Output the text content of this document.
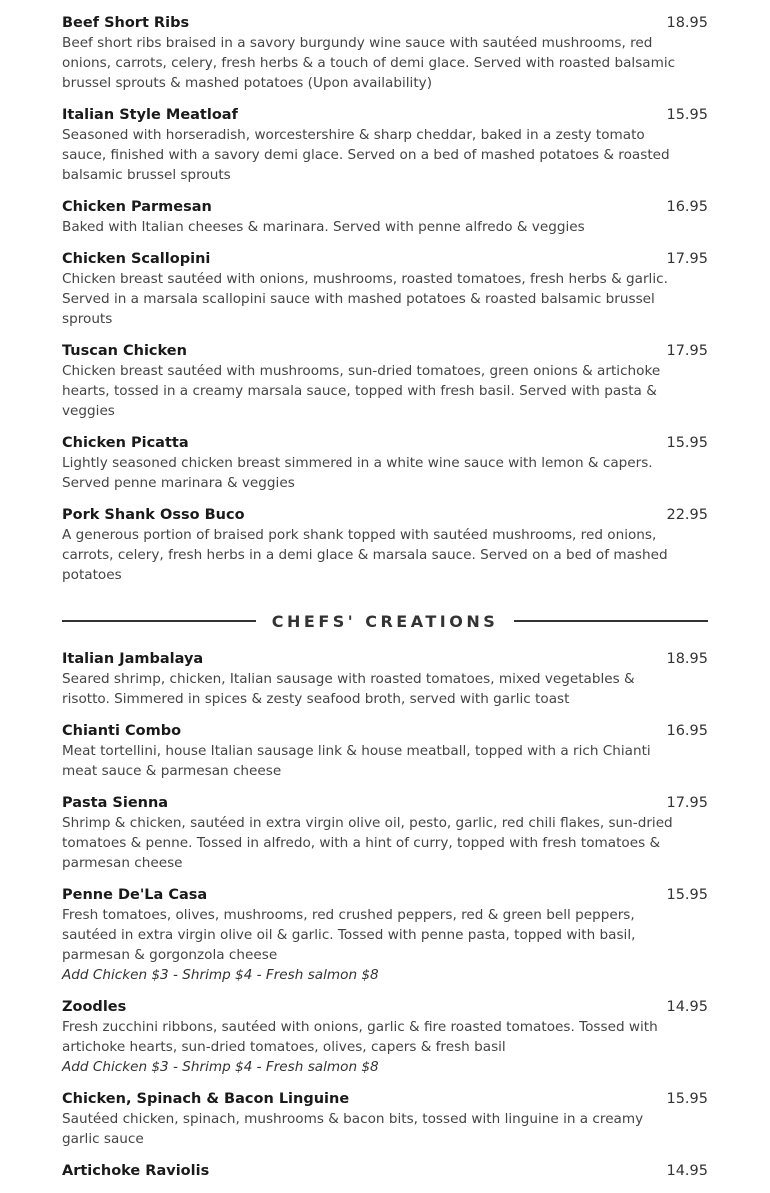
Beef Short Ribs	18.95
Beef short ribs braised in a savory burgundy wine sauce with sautéed mushrooms, red onions, carrots, celery, fresh herbs & a touch of demi glace. Served with roasted balsamic brussel sprouts & mashed potatoes (Upon availability)
Italian Style Meatloaf	15.95
Seasoned with horseradish, worcestershire & sharp cheddar, baked in a zesty tomato sauce, finished with a savory demi glace. Served on a bed of mashed potatoes & roasted balsamic brussel sprouts
Chicken Parmesan	16.95
Baked with Italian cheeses & marinara. Served with penne alfredo & veggies
Chicken Scallopini	17.95
Chicken breast sautéed with onions, mushrooms, roasted tomatoes, fresh herbs & garlic. Served in a marsala scallopini sauce with mashed potatoes & roasted balsamic brussel sprouts
Tuscan Chicken	17.95
Chicken breast sautéed with mushrooms, sun-dried tomatoes, green onions & artichoke hearts, tossed in a creamy marsala sauce, topped with fresh basil. Served with pasta & veggies
Chicken Picatta	15.95
Lightly seasoned chicken breast simmered in a white wine sauce with lemon & capers. Served penne marinara & veggies
Pork Shank Osso Buco	22.95
A generous portion of braised pork shank topped with sautéed mushrooms, red onions, carrots, celery, fresh herbs in a demi glace & marsala sauce. Served on a bed of mashed potatoes
CHEFS' CREATIONS
Italian Jambalaya	18.95
Seared shrimp, chicken, Italian sausage with roasted tomatoes, mixed vegetables & risotto. Simmered in spices & zesty seafood broth, served with garlic toast
Chianti Combo	16.95
Meat tortellini, house Italian sausage link & house meatball, topped with a rich Chianti meat sauce & parmesan cheese
Pasta Sienna	17.95
Shrimp & chicken, sautéed in extra virgin olive oil, pesto, garlic, red chili flakes, sun-dried tomatoes & penne. Tossed in alfredo, with a hint of curry, topped with fresh tomatoes & parmesan cheese
Penne De'La Casa	15.95
Fresh tomatoes, olives, mushrooms, red crushed peppers, red & green bell peppers, sautéed in extra virgin olive oil & garlic. Tossed with penne pasta, topped with basil, parmesan & gorgonzola cheese
Add Chicken $3 - Shrimp $4 - Fresh salmon $8
Zoodles	14.95
Fresh zucchini ribbons, sautéed with onions, garlic & fire roasted tomatoes. Tossed with artichoke hearts, sun-dried tomatoes, olives, capers & fresh basil
Add Chicken $3 - Shrimp $4 - Fresh salmon $8
Chicken, Spinach & Bacon Linguine	15.95
Sautéed chicken, spinach, mushrooms & bacon bits, tossed with linguine in a creamy garlic sauce
Artichoke Raviolis	14.95
